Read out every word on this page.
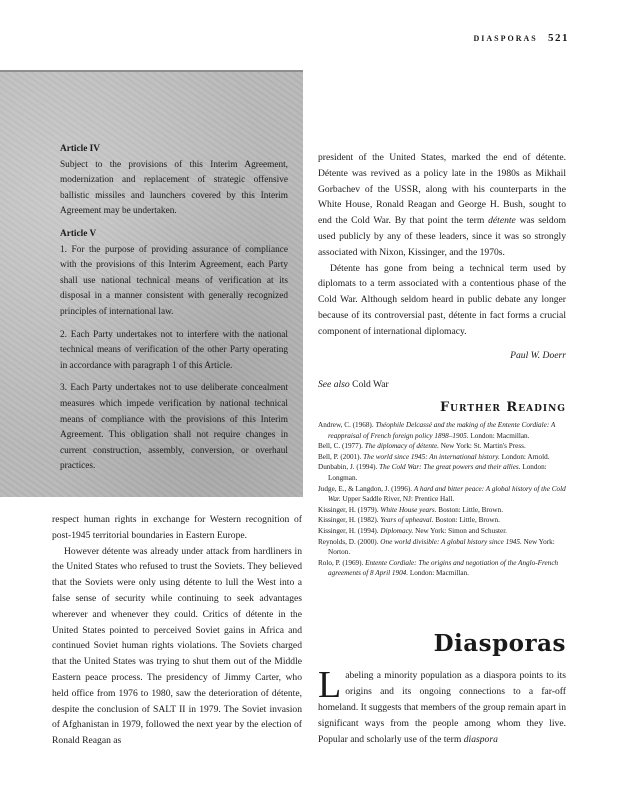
diasporas 521

Article IV

Subject to the provisions of this Interim Agreement, modernization and replacement of strategic offensive ballistic missiles and launchers covered by this Interim Agreement may be undertaken.

Article V

1. For the purpose of providing assurance of compliance with the provisions of this Interim Agreement, each Party shall use national technical means of verification at its disposal in a manner consistent with generally recognized principles of international law.

2. Each Party undertakes not to interfere with the national technical means of verification of the other Party operating in accordance with paragraph 1 of this Article.

3. Each Party undertakes not to use deliberate concealment measures which impede verification by national technical means of compliance with the provisions of this Interim Agreement. This obligation shall not require changes in current construction, assembly, conversion, or overhaul practices.

respect human rights in exchange for Western recognition of post-1945 territorial boundaries in Eastern Europe.

However détente was already under attack from hardliners in the United States who refused to trust the Soviets. They believed that the Soviets were only using détente to lull the West into a false sense of security while continuing to seek advantages wherever and whenever they could. Critics of détente in the United States pointed to perceived Soviet gains in Africa and continued Soviet human rights violations. The Soviets charged that the United States was trying to shut them out of the Middle Eastern peace process. The presidency of Jimmy Carter, who held office from 1976 to 1980, saw the deterioration of détente, despite the conclusion of SALT II in 1979. The Soviet invasion of Afghanistan in 1979, followed the next year by the election of Ronald Reagan as

president of the United States, marked the end of détente. Détente was revived as a policy late in the 1980s as Mikhail Gorbachev of the USSR, along with his counterparts in the White House, Ronald Reagan and George H. Bush, sought to end the Cold War. By that point the term détente was seldom used publicly by any of these leaders, since it was so strongly associated with Nixon, Kissinger, and the 1970s.

Détente has gone from being a technical term used by diplomats to a term associated with a contentious phase of the Cold War. Although seldom heard in public debate any longer because of its controversial past, détente in fact forms a crucial component of international diplomacy.

Paul W. Doerr

See also Cold War

Further Reading

Andrew, C. (1968). Théophile Delcassé and the making of the Entente Cordiale: A reappraisal of French foreign policy 1898–1905. London: Macmillan.

Bell, C. (1977). The diplomacy of détente. New York: St. Martin's Press.

Bell, P. (2001). The world since 1945: An international history. London: Arnold.

Dunbabin, J. (1994). The Cold War: The great powers and their allies. London: Longman.

Judge, E., & Langdon, J. (1996). A hard and bitter peace: A global history of the Cold War. Upper Saddle River, NJ: Prentice Hall.

Kissinger, H. (1979). White House years. Boston: Little, Brown.

Kissinger, H. (1982). Years of upheaval. Boston: Little, Brown.

Kissinger, H. (1994). Diplomacy. New York: Simon and Schuster.

Reynolds, D. (2000). One world divisible: A global history since 1945. New York: Norton.

Rolo, P. (1969). Entente Cordiale: The origins and negotiation of the Anglo-French agreements of 8 April 1904. London: Macmillan.

Diasporas
Labeling a minority population as a diaspora points to its origins and its ongoing connections to a far-off homeland. It suggests that members of the group remain apart in significant ways from the people among whom they live. Popular and scholarly use of the term diaspora
